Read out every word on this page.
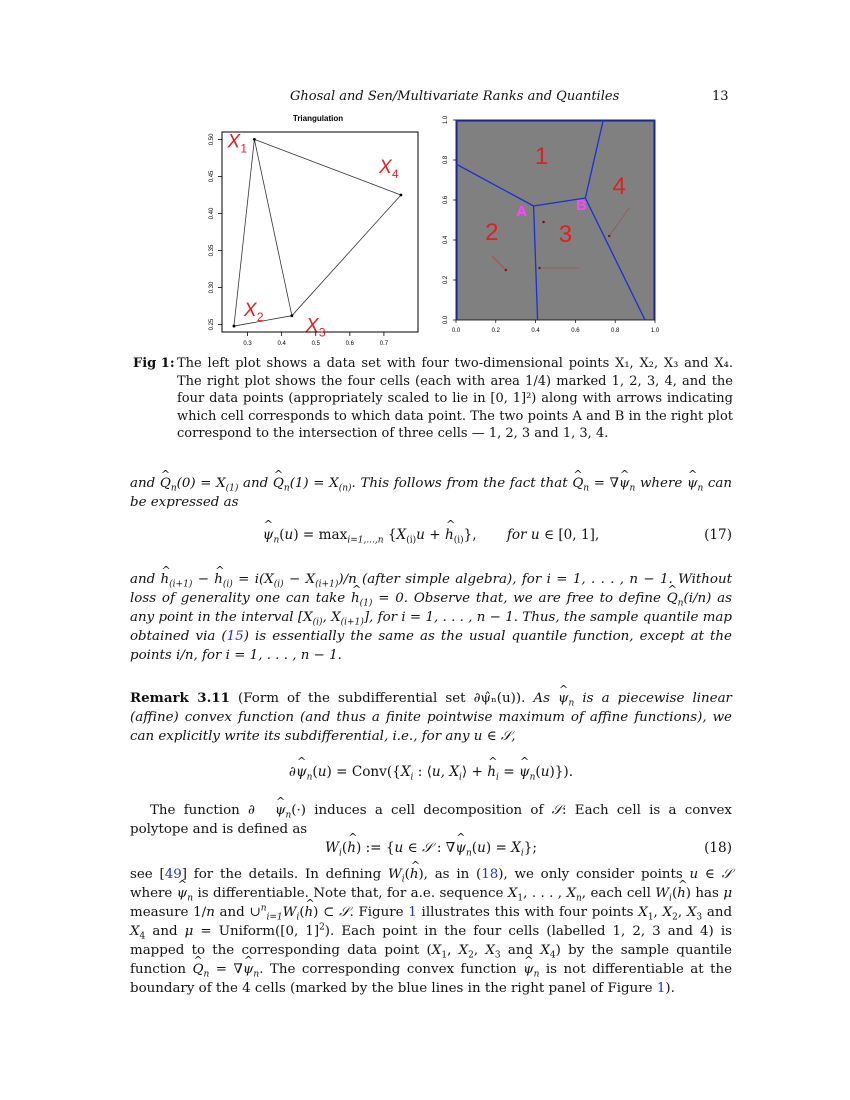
Ghosal and Sen/Multivariate Ranks and Quantiles	13
Triangulation
0.3	0.4	0.5	0.6	0.7
0.25
0.30
0.35
0.40
0.45
0.50 X 1
X 4
X 2 X 3	0.0	0.2	0.4	0.6	0.8	1.0
0.0
0.2
0.4
0.6
0.8
1.0
1
2	3
4
A	B
Fig 1: The left plot shows a data set with four two-dimensional points X₁, X₂, X₃ and X₄. The right plot shows the four cells (each with area 1/4) marked 1, 2, 3, 4, and the four data points (appropriately scaled to lie in [0, 1]²) along with arrows indicating which cell corresponds to which data point. The two points A and B in the right plot correspond to the intersection of three cells — 1, 2, 3 and 1, 3, 4.
and ^ $Q_n(0) = X_{(1)}$ and ^ $Q_n(1) = X_{(n)}$. This follows from the fact that ^ $Q_n$ = ∇^ $\psi_n$ where ^ $\psi_n$ can be expressed as
^ $\psi_n(u) = \max_{i=1,...,n} \{X_{(i)}u$ + ^ $h_{(i)}$},       for u ∈ [0, 1],	(17)
and ^ $h_{(i+1)}$ − ^ $h_{(i)} = i(X_{(i)} - X_{(i+1)})/n$ (after simple algebra), for i = 1, . . . , n − 1. Without loss of generality one can take ^ $h_{(1)} = 0$. Observe that, we are free to define ^ $Q_n(i/n)$ as any point in the interval [$X_{(i)}$, $X_{(i+1)}$], for i = 1, . . . , n − 1. Thus, the sample quantile map obtained via (15) is essentially the same as the usual quantile function, except at the points i/n, for i = 1, . . . , n − 1.
Remark 3.11 (Form of the subdifferential set ∂ψ̂ₙ(u)). As ^ $\psi_n$ is a piecewise linear (affine) convex function (and thus a finite pointwise maximum of affine functions), we can explicitly write its subdifferential, i.e., for any u ∈ 𝒮,
∂^ $\psi_n(u)$ = $Conv(\{X_i$ : ⟨u, $X_i⟩$ + ^ $h_i$ = ^ $\psi_n(u)$}).
The function ∂^ $\psi_n(\cdot)$ induces a cell decomposition of 𝒮: Each cell is a convex polytope and is defined as
$W_i(\^{}$ h) := {u ∈ 𝒮 : ∇^ $\psi_n(u) = X_i$};	(18)
see [49] for the details. In defining $W_i(\^{}$ h), as in (18), we only consider points u ∈ 𝒮 where ^ $\psi_n$ is differentiable. Note that, for a.e. sequence $X_1$, . . . , $X_n$, each cell $W_i(\^{}$ h) has μ measure 1/n and $\cup^n_{i=1}W_i(\^{}$ h) ⊂ 𝒮. Figure 1 illustrates this with four points $X_1$, $X_2$, $X_3$ and $X_4$ and μ = Uniform([0, 1]$^2$). Each point in the four cells (labelled 1, 2, 3 and 4) is mapped to the corresponding data point ($X_1$, $X_2$, $X_3$ and $X_4$) by the sample quantile function ^ $Q_n$ = ∇^ $\psi_n$. The corresponding convex function ^ $\psi_n$ is not differentiable at the boundary of the 4 cells (marked by the blue lines in the right panel of Figure 1).
